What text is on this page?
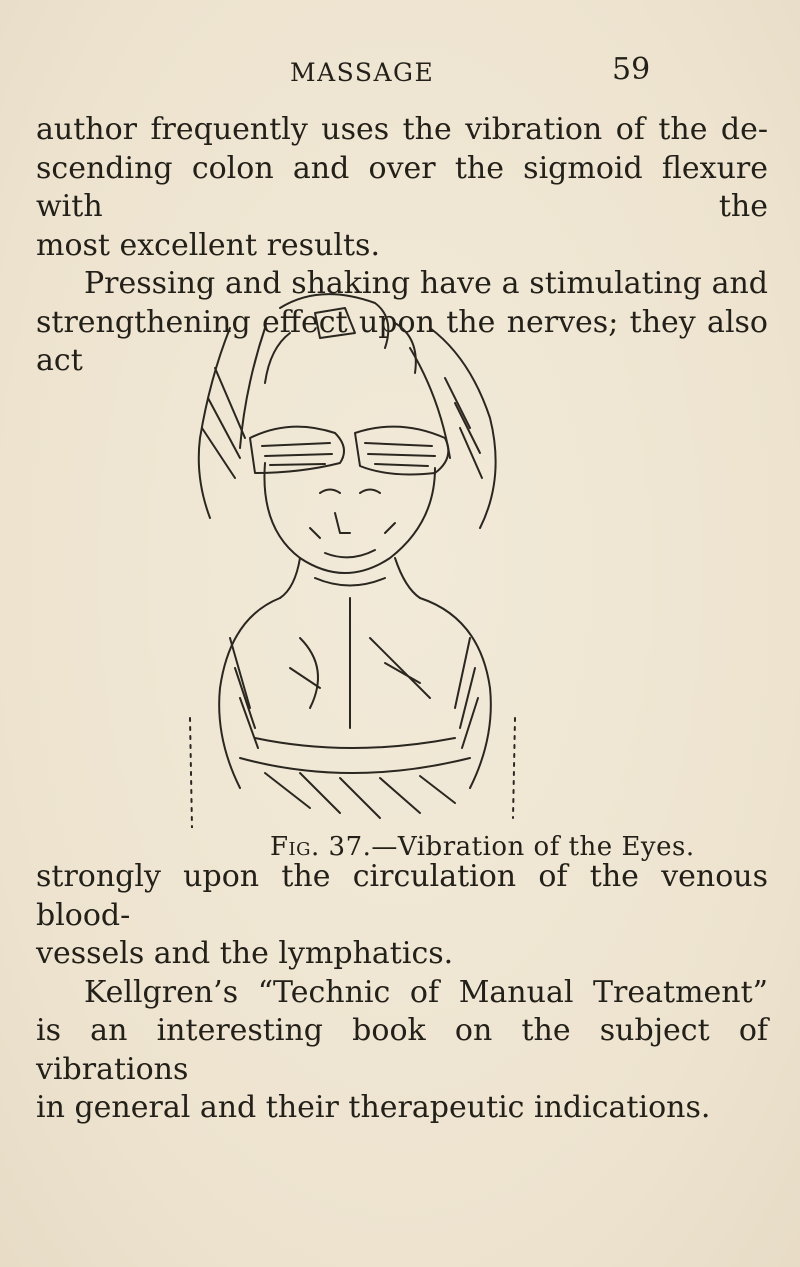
MASSAGE	59
author frequently uses the vibration of the de-
scending colon and over the sigmoid flexure with the
most excellent results.
Pressing and shaking have a stimulating and
strengthening effect upon the nerves; they also act
Fig. 37.—Vibration of the Eyes.
strongly upon the circulation of the venous blood-
vessels and the lymphatics.
Kellgren’s “Technic of Manual Treatment”
is an interesting book on the subject of vibrations
in general and their therapeutic indications.
